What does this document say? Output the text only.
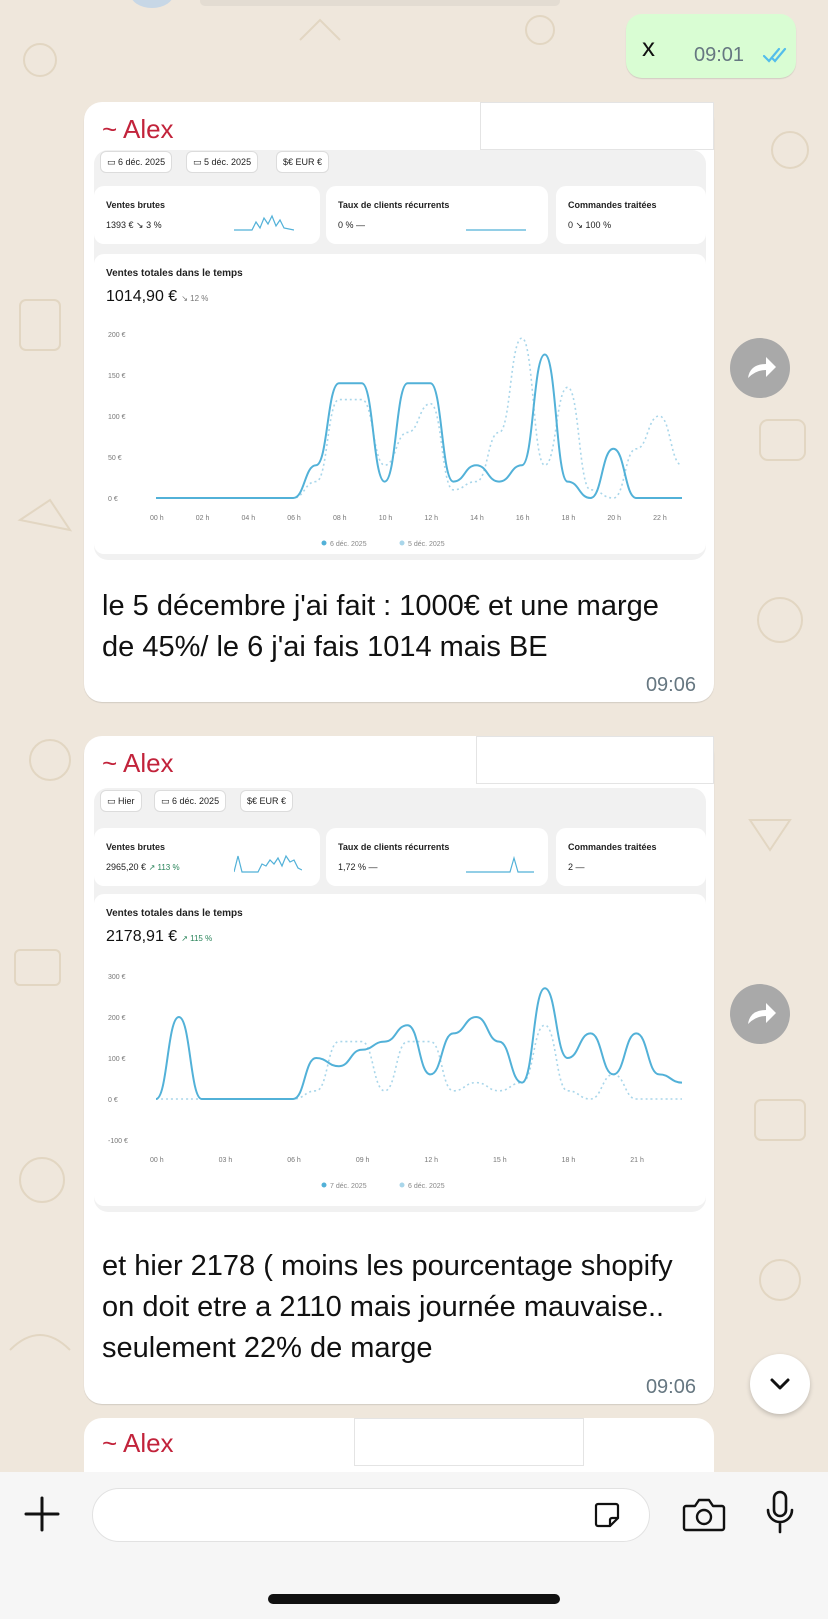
x 09:01
~ Alex
▭ 6 déc. 2025	▭ 5 déc. 2025	$€ EUR €
Ventes brutes
1393 € ↘ 3 %
Taux de clients récurrents
0 % —
Commandes traitées
0 ↘ 100 %
Ventes totales dans le temps
1014,90 € ↘ 12 %
200 €
150 €
100 €
50 €
0 €
00 h	02 h	04 h	06 h	08 h	10 h	12 h	14 h	16 h	18 h	20 h	22 h
6 déc. 2025	5 déc. 2025
le 5 décembre j'ai fait : 1000€ et une marge de 45%/ le 6 j'ai fais 1014 mais BE
09:06
~ Alex
▭ Hier	▭ 6 déc. 2025	$€ EUR €
Ventes brutes
2965,20 € ↗ 113 %
Taux de clients récurrents
1,72 % —
Commandes traitées
2 —
Ventes totales dans le temps
2178,91 € ↗ 115 %
300 €
200 €
100 €
0 €
-100 €
00 h	03 h	06 h	09 h	12 h	15 h	18 h	21 h
7 déc. 2025	6 déc. 2025
et hier 2178 ( moins les pourcentage shopify on doit etre a 2110 mais journée mauvaise.. seulement 22% de marge
09:06
~ Alex
